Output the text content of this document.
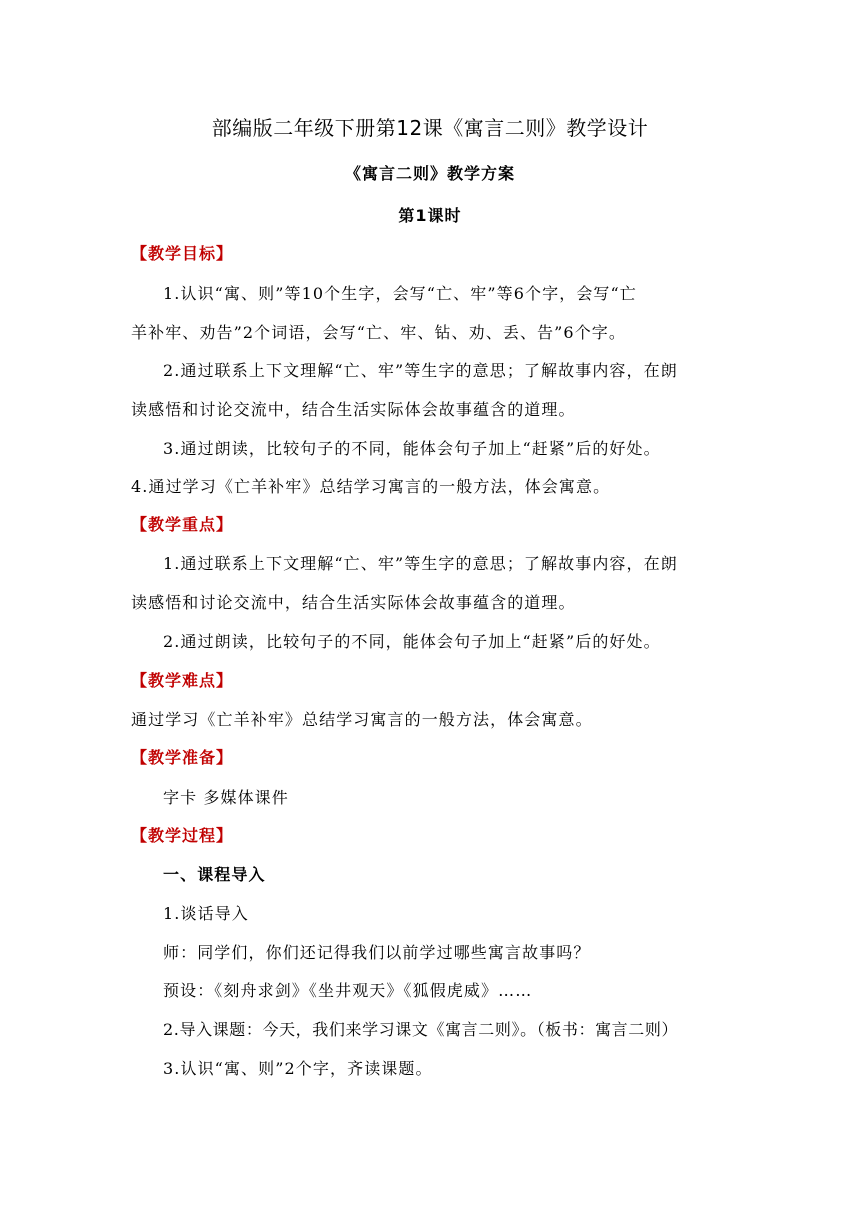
部编版二年级下册第12课《寓言二则》教学设计
《寓言二则》教学方案
第1课时
【教学目标】
1.认识“寓、则”等10个生字，会写“亡、牢”等6个字，会写“亡
羊补牢、劝告”2个词语，会写“亡、牢、钻、劝、丢、告”6个字。
2.通过联系上下文理解“亡、牢”等生字的意思；了解故事内容，在朗
读感悟和讨论交流中，结合生活实际体会故事蕴含的道理。
3.通过朗读，比较句子的不同，能体会句子加上“赶紧”后的好处。
4.通过学习《亡羊补牢》总结学习寓言的一般方法，体会寓意。
【教学重点】
1.通过联系上下文理解“亡、牢”等生字的意思；了解故事内容，在朗
读感悟和讨论交流中，结合生活实际体会故事蕴含的道理。
2.通过朗读，比较句子的不同，能体会句子加上“赶紧”后的好处。
【教学难点】
通过学习《亡羊补牢》总结学习寓言的一般方法，体会寓意。
【教学准备】
字卡 多媒体课件
【教学过程】
一、课程导入
1.谈话导入
师：同学们，你们还记得我们以前学过哪些寓言故事吗？
预设：《刻舟求剑》《坐井观天》《狐假虎威》……
2.导入课题：今天，我们来学习课文《寓言二则》。（板书：寓言二则）
3.认识“寓、则”2个字，齐读课题。
